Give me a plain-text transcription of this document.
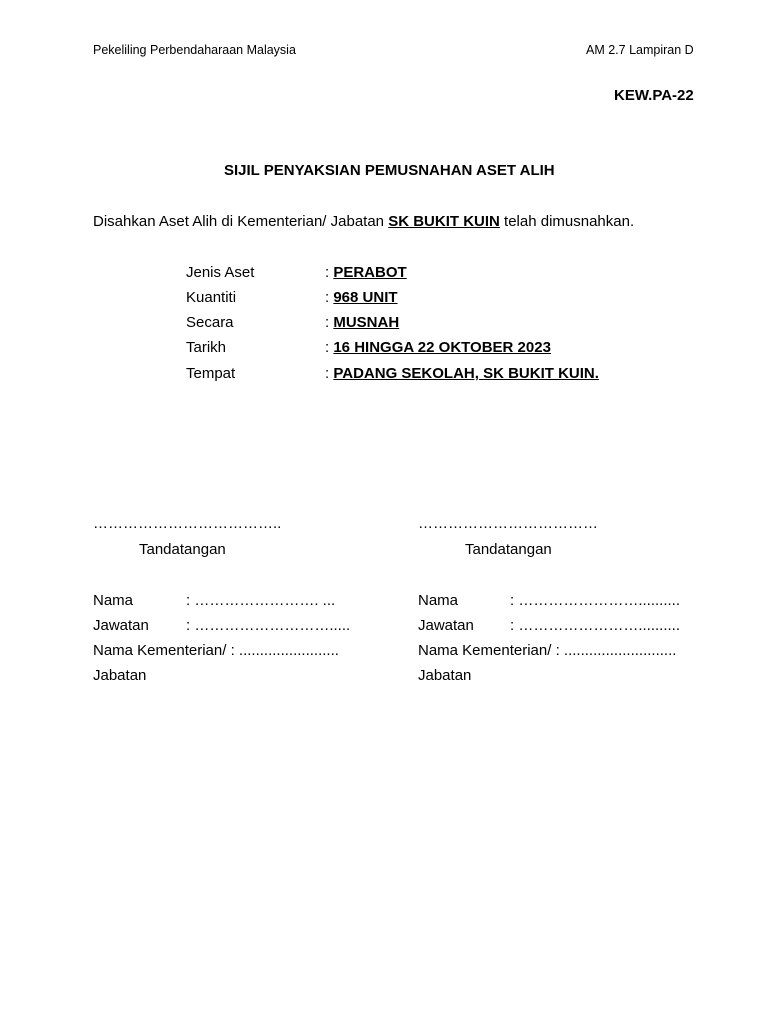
Pekeliling Perbendaharaan Malaysia	AM 2.7 Lampiran D
KEW.PA-22
SIJIL PENYAKSIAN PEMUSNAHAN ASET ALIH
Disahkan Aset Alih di Kementerian/ Jabatan SK BUKIT KUIN telah dimusnahkan.
Jenis Aset	: PERABOT
Kuantiti	: 968 UNIT
Secara	: MUSNAH
Tarikh	: 16 HINGGA 22 OKTOBER 2023
Tempat	: PADANG SEKOLAH, SK BUKIT KUIN.
………………………………..
Tandatangan
Nama	: ……………………. ...
Jawatan : ……………………….....
Nama Kementerian/ : ........................
Jabatan
………………………………
Tandatangan
Nama	: ……………………..........
Jawatan : ……………………..........
Nama Kementerian/ : ...........................
Jabatan
